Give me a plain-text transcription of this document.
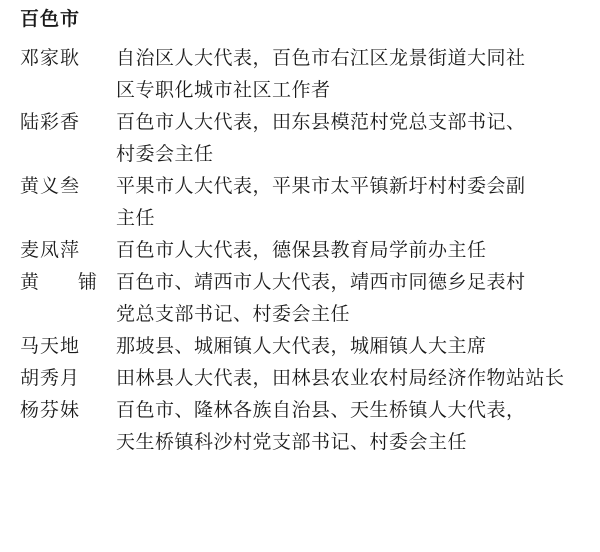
百色市
邓家耿	自治区人大代表，百色市右江区龙景街道大同社
区专职化城市社区工作者
陆彩香	百色市人大代表，田东县模范村党总支部书记、
村委会主任
黄义叁	平果市人大代表，平果市太平镇新圩村村委会副
主任
麦凤萍	百色市人大代表，德保县教育局学前办主任
黄 铺 百色市、靖西市人大代表，靖西市同德乡足表村
党总支部书记、村委会主任
马天地	那坡县、城厢镇人大代表，城厢镇人大主席
胡秀月	田林县人大代表，田林县农业农村局经济作物站站长
杨芬妹	百色市、隆林各族自治县、天生桥镇人大代表，
天生桥镇科沙村党支部书记、村委会主任
